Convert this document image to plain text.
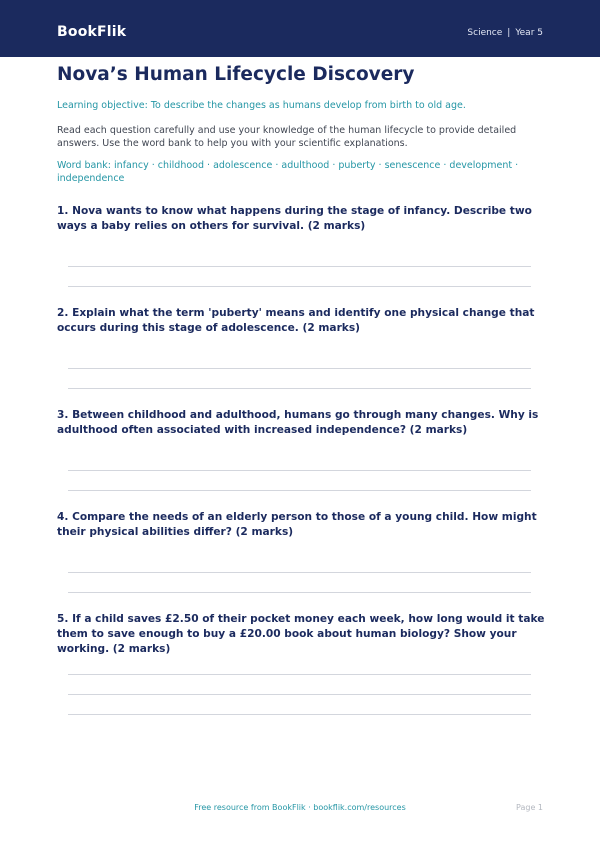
BookFlik	Science | Year 5
Nova’s Human Lifecycle Discovery
Learning objective: To describe the changes as humans develop from birth to old age.
Read each question carefully and use your knowledge of the human lifecycle to provide detailed answers. Use the word bank to help you with your scientific explanations.
Word bank: infancy · childhood · adolescence · adulthood · puberty · senescence · development · independence
1. Nova wants to know what happens during the stage of infancy. Describe two ways a baby relies on others for survival. (2 marks)
2. Explain what the term 'puberty' means and identify one physical change that occurs during this stage of adolescence. (2 marks)
3. Between childhood and adulthood, humans go through many changes. Why is adulthood often associated with increased independence? (2 marks)
4. Compare the needs of an elderly person to those of a young child. How might their physical abilities differ? (2 marks)
5. If a child saves £2.50 of their pocket money each week, how long would it take them to save enough to buy a £20.00 book about human biology? Show your working. (2 marks)
Free resource from BookFlik · bookflik.com/resources	Page 1
